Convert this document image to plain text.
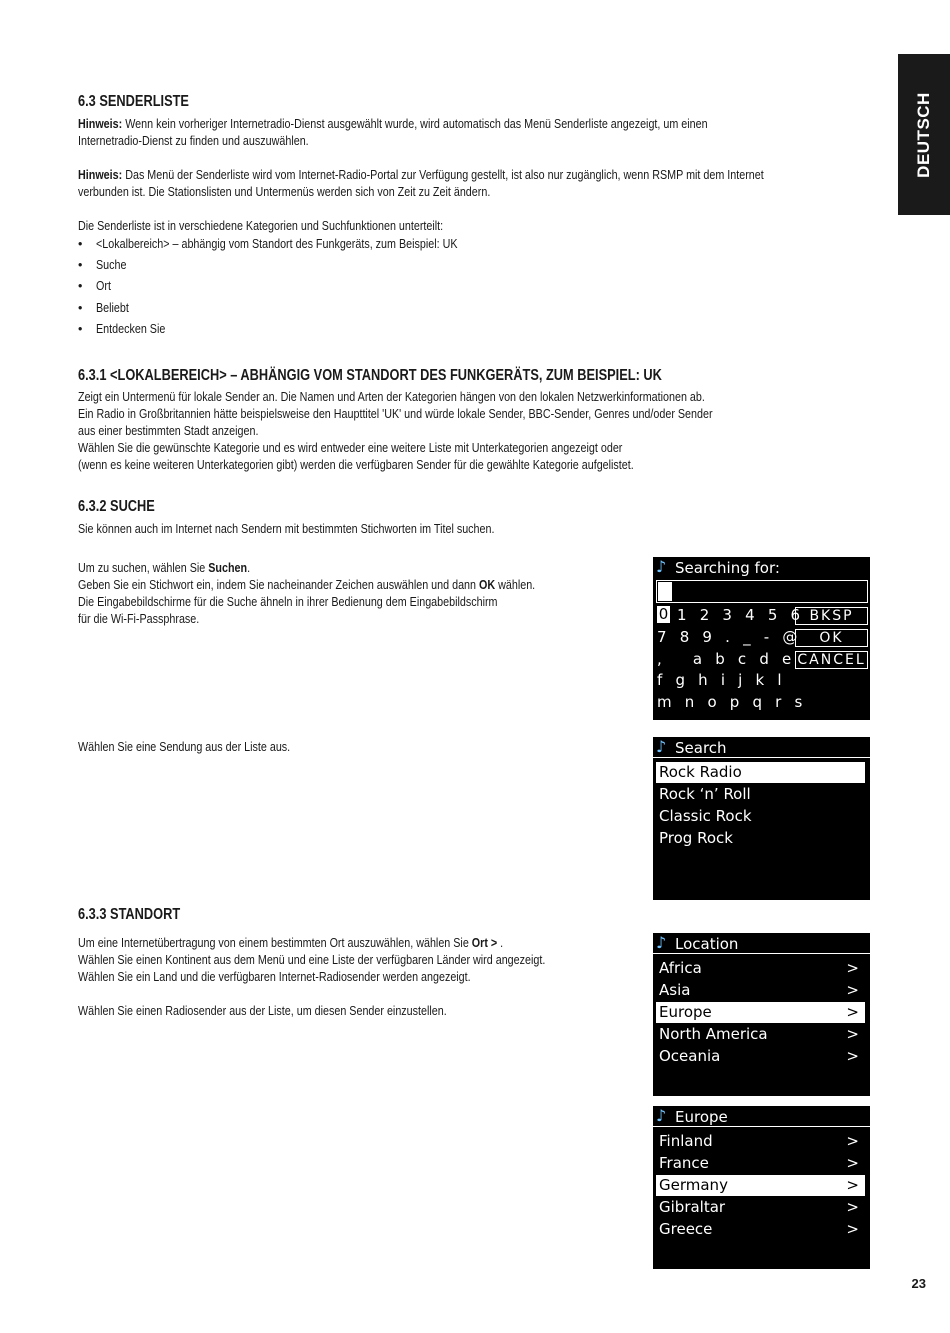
DEUTSCH
6.3 SENDERLISTE
Hinweis: Wenn kein vorheriger Internetradio-Dienst ausgewählt wurde, wird automatisch das Menü Senderliste angezeigt, um einen
Internetradio-Dienst zu finden und auszuwählen.
Hinweis: Das Menü der Senderliste wird vom Internet-Radio-Portal zur Verfügung gestellt, ist also nur zugänglich, wenn RSMP mit dem Internet
verbunden ist. Die Stationslisten und Untermenüs werden sich von Zeit zu Zeit ändern.
Die Senderliste ist in verschiedene Kategorien und Suchfunktionen unterteilt:
• <Lokalbereich> – abhängig vom Standort des Funkgeräts, zum Beispiel: UK
• Suche
• Ort
• Beliebt
• Entdecken Sie
6.3.1 <LOKALBEREICH> – ABHÄNGIG VOM STANDORT DES FUNKGERÄTS, ZUM BEISPIEL: UK
Zeigt ein Untermenü für lokale Sender an. Die Namen und Arten der Kategorien hängen von den lokalen Netzwerkinformationen ab.
Ein Radio in Großbritannien hätte beispielsweise den Haupttitel 'UK' und würde lokale Sender, BBC-Sender, Genres und/oder Sender
aus einer bestimmten Stadt anzeigen.
Wählen Sie die gewünschte Kategorie und es wird entweder eine weitere Liste mit Unterkategorien angezeigt oder
(wenn es keine weiteren Unterkategorien gibt) werden die verfügbaren Sender für die gewählte Kategorie aufgelistet.
6.3.2 SUCHE
Sie können auch im Internet nach Sendern mit bestimmten Stichworten im Titel suchen.
Um zu suchen, wählen Sie Suchen.
Geben Sie ein Stichwort ein, indem Sie nacheinander Zeichen auswählen und dann OK wählen.
Die Eingabebildschirme für die Suche ähneln in ihrer Bedienung dem Eingabebildschirm
für die Wi-Fi-Passphrase.
Wählen Sie eine Sendung aus der Liste aus.
6.3.3 STANDORT
Um eine Internetübertragung von einem bestimmten Ort auszuwählen, wählen Sie Ort > .
Wählen Sie einen Kontinent aus dem Menü und eine Liste der verfügbaren Länder wird angezeigt.
Wählen Sie ein Land und die verfügbaren Internet-Radiosender werden angezeigt.
Wählen Sie einen Radiosender aus der Liste, um diesen Sender einzustellen.
♪ Searching for:
0 1 2 3 4 5 6
7 8 9 . _ - @
,   a b c d e
f g h i j k l
m n o p q r s
BKSP
OK
CANCEL
♪ Search
Rock Radio
Rock ‘n’ Roll
Classic Rock
Prog Rock
♪ Location
Africa	>
Asia	>
Europe	>
North America	>
Oceania	>
♪ Europe
Finland	>
France	>
Germany	>
Gibraltar	>
Greece	>
23
